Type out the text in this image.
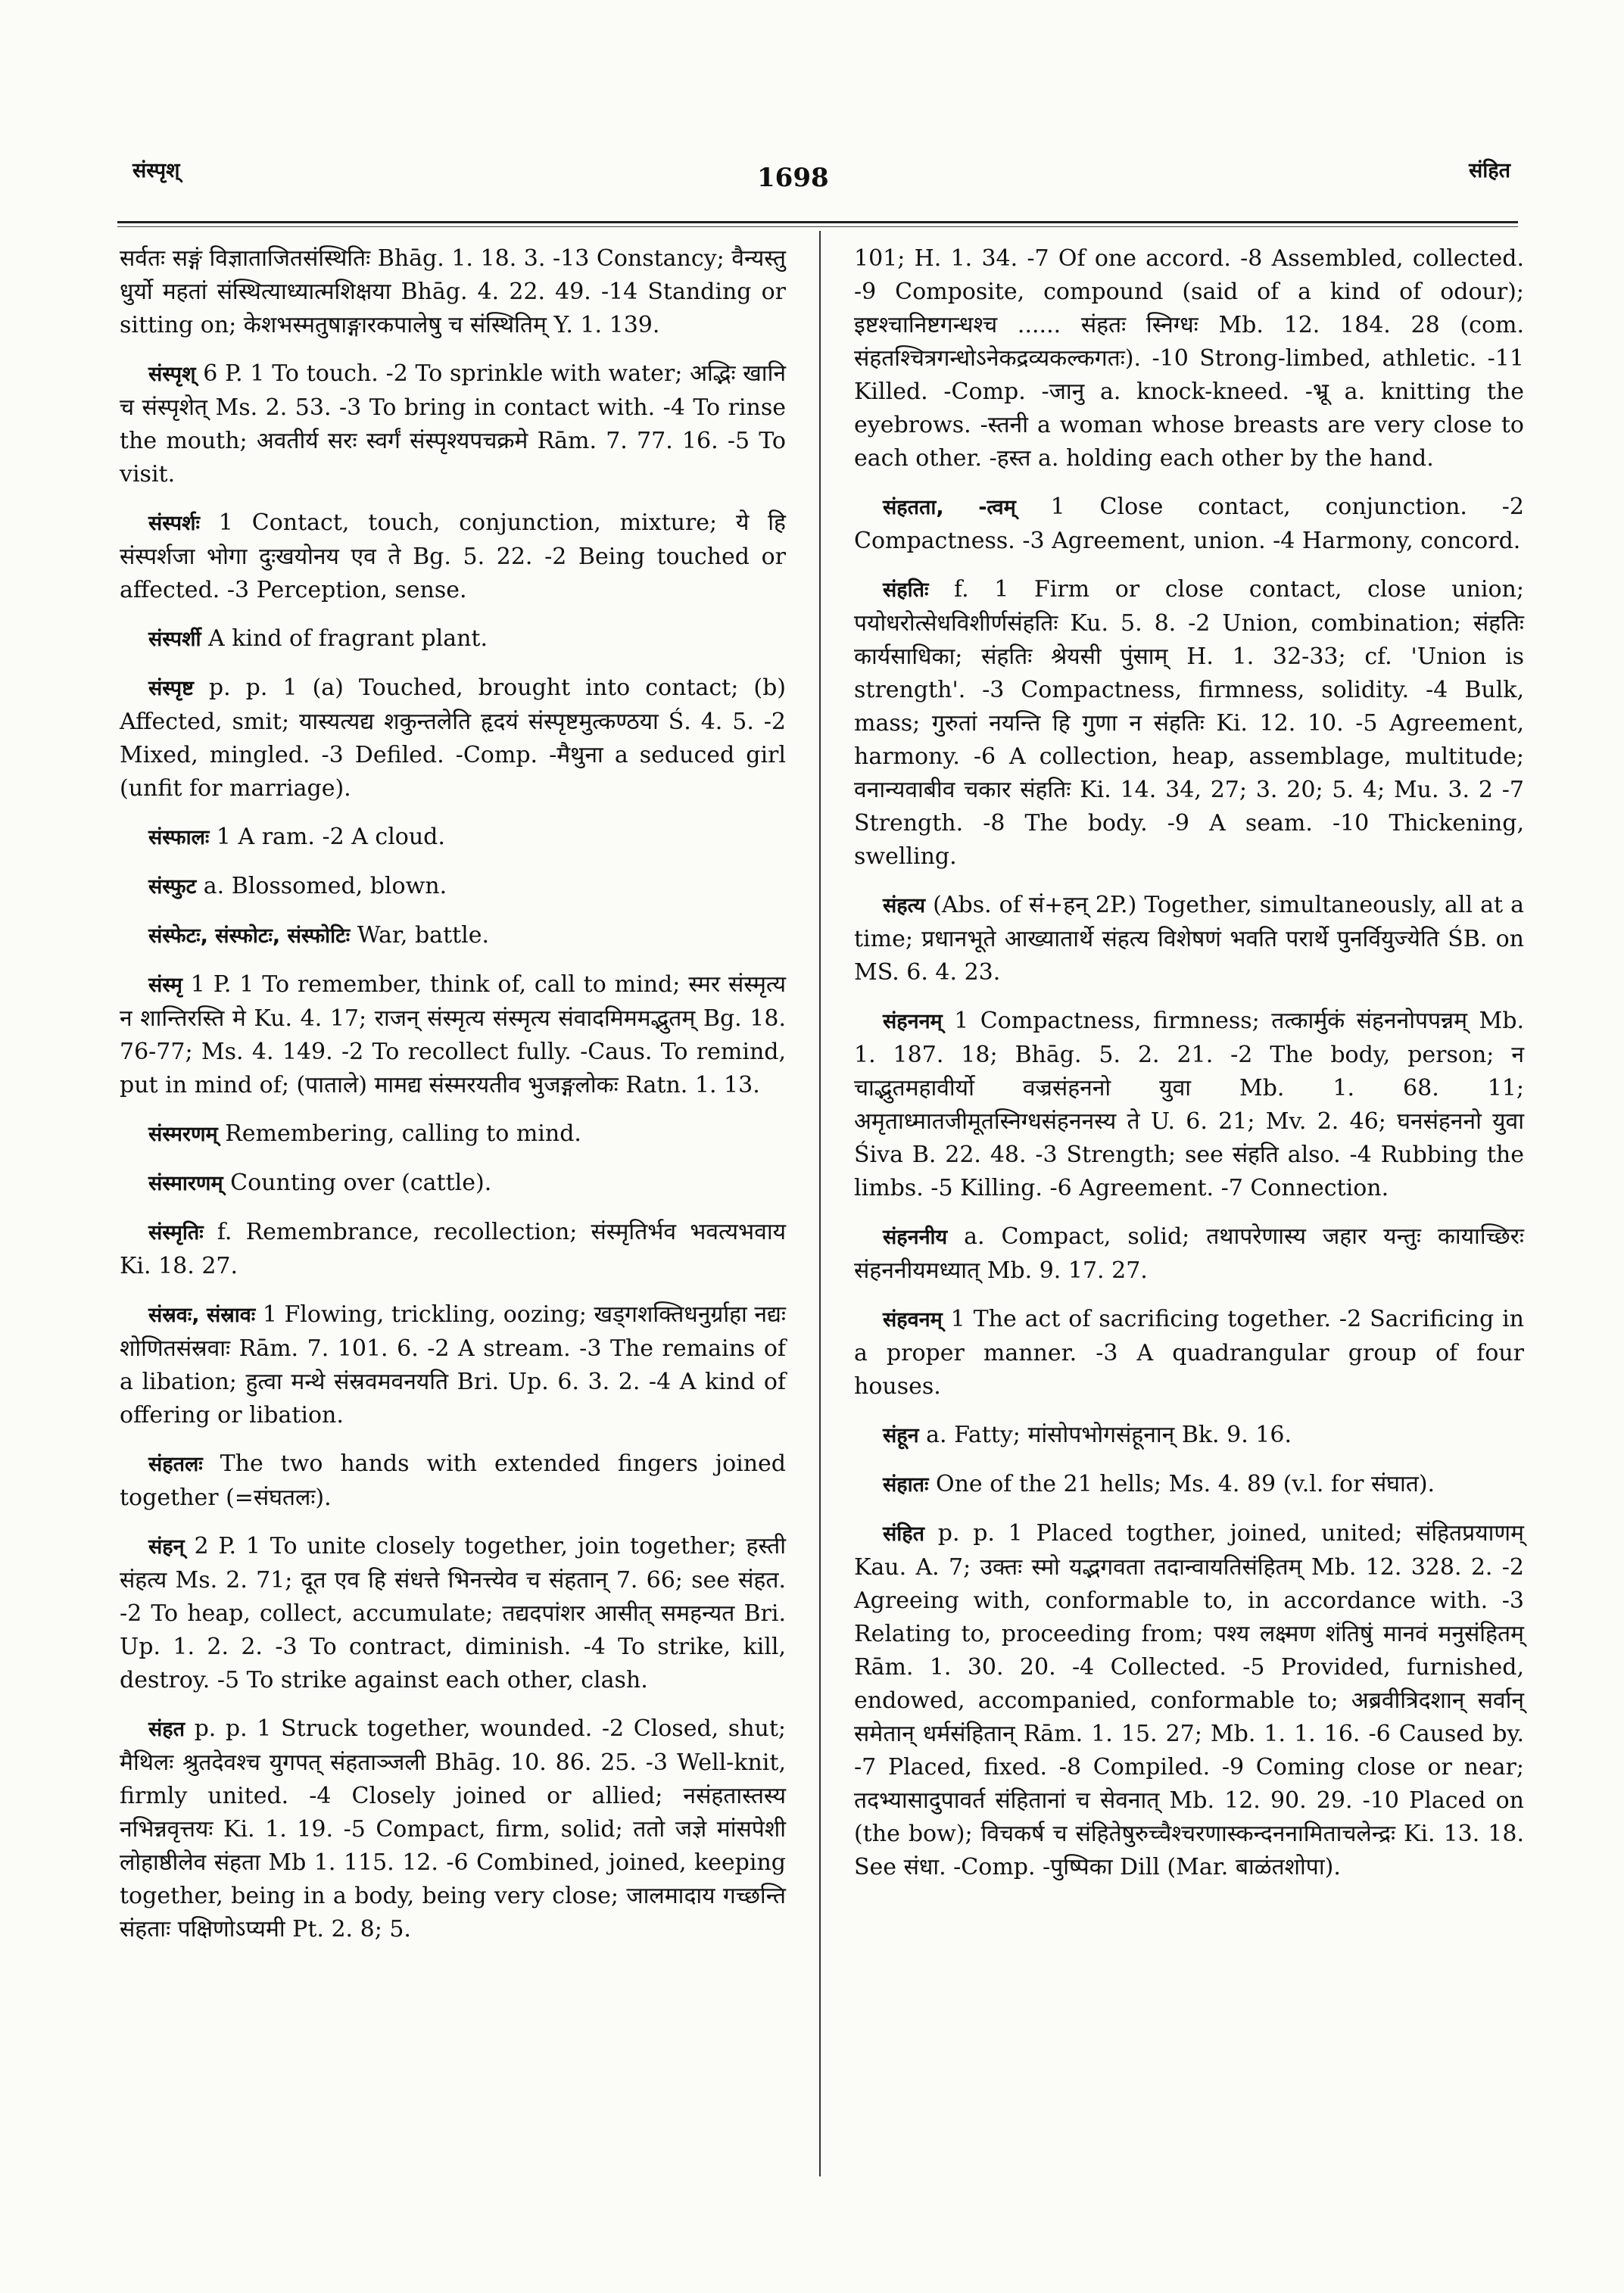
संस्पृश्	1698	संहित

सर्वतः सङ्गं विज्ञाताजितसंस्थितिः Bhāg. 1. 18. 3. -13 Constancy; वैन्यस्तु धुर्यो महतां संस्थित्याध्यात्मशिक्षया Bhāg. 4. 22. 49. -14 Standing or sitting on; केशभस्मतुषाङ्गारकपालेषु च संस्थितिम् Y. 1. 139.

संस्पृश् 6 P. 1 To touch. -2 To sprinkle with water; अद्भिः खानि च संस्पृशेत् Ms. 2. 53. -3 To bring in contact with. -4 To rinse the mouth; अवतीर्य सरः स्वर्गं संस्पृश्यपचक्रमे Rām. 7. 77. 16. -5 To visit.

संस्पर्शः 1 Contact, touch, conjunction, mixture; ये हि संस्पर्शजा भोगा दुःखयोनय एव ते Bg. 5. 22. -2 Being touched or affected. -3 Perception, sense.

संस्पर्शी A kind of fragrant plant.

संस्पृष्ट p. p. 1 (a) Touched, brought into contact; (b) Affected, smit; यास्यत्यद्य शकुन्तलेति हृदयं संस्पृष्टमुत्कण्ठया Ś. 4. 5. -2 Mixed, mingled. -3 Defiled. -Comp. -मैथुना a seduced girl (unfit for marriage).

संस्फालः 1 A ram. -2 A cloud.

संस्फुट a. Blossomed, blown.

संस्फेटः, संस्फोटः, संस्फोटिः War, battle.

संस्मृ 1 P. 1 To remember, think of, call to mind; स्मर संस्मृत्य न शान्तिरस्ति मे Ku. 4. 17; राजन् संस्मृत्य संस्मृत्य संवादमिममद्भुतम् Bg. 18. 76-77; Ms. 4. 149. -2 To recollect fully. -Caus. To remind, put in mind of; (पाताले) मामद्य संस्मरयतीव भुजङ्गलोकः Ratn. 1. 13.

संस्मरणम् Remembering, calling to mind.

संस्मारणम् Counting over (cattle).

संस्मृतिः f. Remembrance, recollection; संस्मृतिर्भव भवत्यभवाय Ki. 18. 27.

संस्रवः, संस्रावः 1 Flowing, trickling, oozing; खड्गशक्तिधनुर्ग्राहा नद्यः शोणितसंस्रवाः Rām. 7. 101. 6. -2 A stream. -3 The remains of a libation; हुत्वा मन्थे संस्रवमवनयति Bri. Up. 6. 3. 2. -4 A kind of offering or libation.

संहतलः The two hands with extended fingers joined together (=संघतलः).

संहन् 2 P. 1 To unite closely together, join together; हस्ती संहत्य Ms. 2. 71; दूत एव हि संधत्ते भिनत्त्येव च संहतान् 7. 66; see संहत. -2 To heap, collect, accumulate; तद्यदपांशर आसीत् समहन्यत Bri. Up. 1. 2. 2. -3 To contract, diminish. -4 To strike, kill, destroy. -5 To strike against each other, clash.

संहत p. p. 1 Struck together, wounded. -2 Closed, shut; मैथिलः श्रुतदेवश्च युगपत् संहताञ्जली Bhāg. 10. 86. 25. -3 Well-knit, firmly united. -4 Closely joined or allied; नसंहतास्तस्य नभिन्नवृत्तयः Ki. 1. 19. -5 Compact, firm, solid; ततो जज्ञे मांसपेशी लोहाष्ठीलेव संहता Mb 1. 115. 12. -6 Combined, joined, keeping together, being in a body, being very close; जालमादाय गच्छन्ति संहताः पक्षिणोऽप्यमी Pt. 2. 8; 5.

101; H. 1. 34. -7 Of one accord. -8 Assembled, collected. -9 Composite, compound (said of a kind of odour); इष्टश्चानिष्टगन्धश्च ...... संहतः स्निग्धः Mb. 12. 184. 28 (com. संहतश्चित्रगन्धोऽनेकद्रव्यकल्कगतः). -10 Strong-limbed, athletic. -11 Killed. -Comp. -जानु a. knock-kneed. -भ्रू a. knitting the eyebrows. -स्तनी a woman whose breasts are very close to each other. -हस्त a. holding each other by the hand.

संहतता, -त्वम् 1 Close contact, conjunction. -2 Compactness. -3 Agreement, union. -4 Harmony, concord.

संहतिः f. 1 Firm or close contact, close union; पयोधरोत्सेधविशीर्णसंहतिः Ku. 5. 8. -2 Union, combination; संहतिः कार्यसाधिका; संहतिः श्रेयसी पुंसाम् H. 1. 32-33; cf. 'Union is strength'. -3 Compactness, firmness, solidity. -4 Bulk, mass; गुरुतां नयन्ति हि गुणा न संहतिः Ki. 12. 10. -5 Agreement, harmony. -6 A collection, heap, assemblage, multitude; वनान्यवाबीव चकार संहतिः Ki. 14. 34, 27; 3. 20; 5. 4; Mu. 3. 2 -7 Strength. -8 The body. -9 A seam. -10 Thickening, swelling.

संहत्य (Abs. of सं+हन् 2P.) Together, simultaneously, all at a time; प्रधानभूते आख्यातार्थे संहत्य विशेषणं भवति परार्थे पुनर्वियुज्येति ŚB. on MS. 6. 4. 23.

संहननम् 1 Compactness, firmness; तत्कार्मुकं संहननोपपन्नम् Mb. 1. 187. 18; Bhāg. 5. 2. 21. -2 The body, person; न चाद्भुतमहावीर्यो वज्रसंहननो युवा Mb. 1. 68. 11; अमृताध्मातजीमूतस्निग्धसंहननस्य ते U. 6. 21; Mv. 2. 46; घनसंहननो युवा Śiva B. 22. 48. -3 Strength; see संहति also. -4 Rubbing the limbs. -5 Killing. -6 Agreement. -7 Connection.

संहननीय a. Compact, solid; तथापरेणास्य जहार यन्तुः कायाच्छिरः संहननीयमध्यात् Mb. 9. 17. 27.

संहवनम् 1 The act of sacrificing together. -2 Sacrificing in a proper manner. -3 A quadrangular group of four houses.

संहून a. Fatty; मांसोपभोगसंहूनान् Bk. 9. 16.

संहातः One of the 21 hells; Ms. 4. 89 (v.l. for संघात).

संहित p. p. 1 Placed togther, joined, united; संहितप्रयाणम् Kau. A. 7; उक्तः स्मो यद्भगवता तदान्वायतिसंहितम् Mb. 12. 328. 2. -2 Agreeing with, conformable to, in accordance with. -3 Relating to, proceeding from; पश्य लक्ष्मण शंतिषुं मानवं मनुसंहितम् Rām. 1. 30. 20. -4 Collected. -5 Provided, furnished, endowed, accompanied, conformable to; अब्रवीत्रिदशान् सर्वान् समेतान् धर्मसंहितान् Rām. 1. 15. 27; Mb. 1. 1. 16. -6 Caused by. -7 Placed, fixed. -8 Compiled. -9 Coming close or near; तदभ्यासादुपावर्त संहितानां च सेवनात् Mb. 12. 90. 29. -10 Placed on (the bow); विचकर्ष च संहितेषुरुच्चैश्चरणास्कन्दननामिताचलेन्द्रः Ki. 13. 18. See संधा. -Comp. -पुष्पिका Dill (Mar. बाळंतशोपा).
